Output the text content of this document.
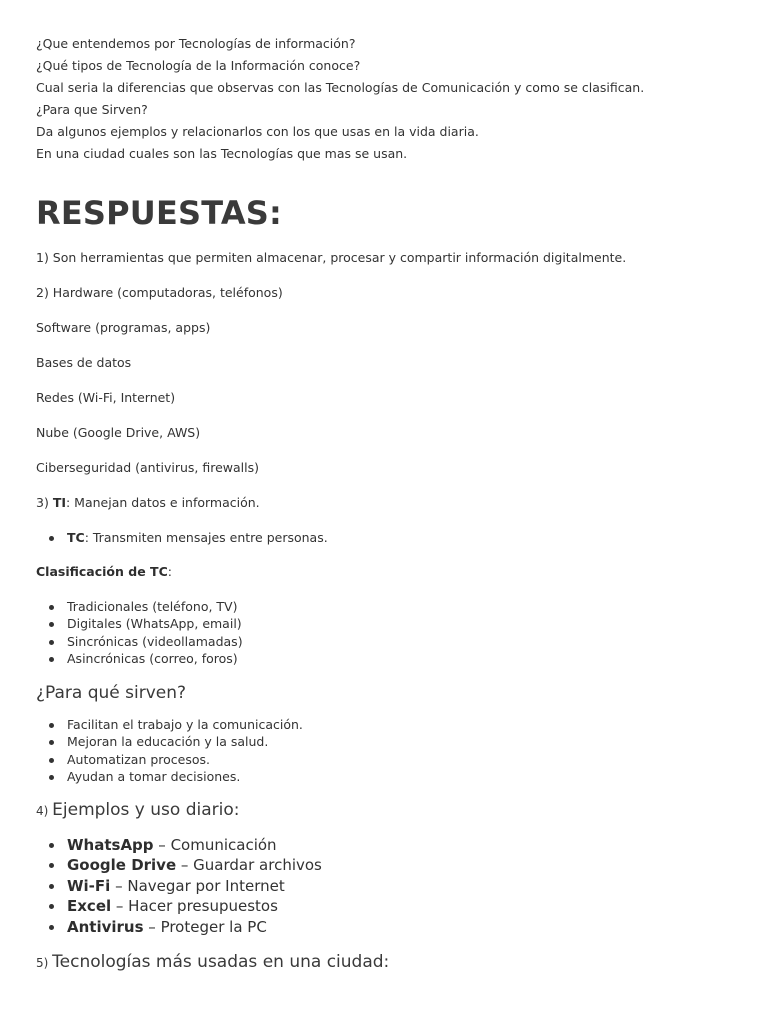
¿Que entendemos por Tecnologías de información?

¿Qué tipos de Tecnología de la Información conoce?

Cual seria la diferencias que observas con las Tecnologías de Comunicación y como se clasifican.

¿Para que Sirven?

Da algunos ejemplos y relacionarlos con los que usas en la vida diaria.

En una ciudad cuales son las Tecnologías que mas se usan.

RESPUESTAS:

1) Son herramientas que permiten almacenar, procesar y compartir información digitalmente.

2) Hardware (computadoras, teléfonos)

Software (programas, apps)

Bases de datos

Redes (Wi-Fi, Internet)

Nube (Google Drive, AWS)

Ciberseguridad (antivirus, firewalls)

3) TI: Manejan datos e información.

TC: Transmiten mensajes entre personas.

Clasificación de TC:

Tradicionales (teléfono, TV)
Digitales (WhatsApp, email)
Sincrónicas (videollamadas)
Asincrónicas (correo, foros)

¿Para qué sirven?

Facilitan el trabajo y la comunicación.
Mejoran la educación y la salud.
Automatizan procesos.
Ayudan a tomar decisiones.

4) Ejemplos y uso diario:

WhatsApp – Comunicación
Google Drive – Guardar archivos
Wi-Fi – Navegar por Internet
Excel – Hacer presupuestos
Antivirus – Proteger la PC

5) Tecnologías más usadas en una ciudad:
